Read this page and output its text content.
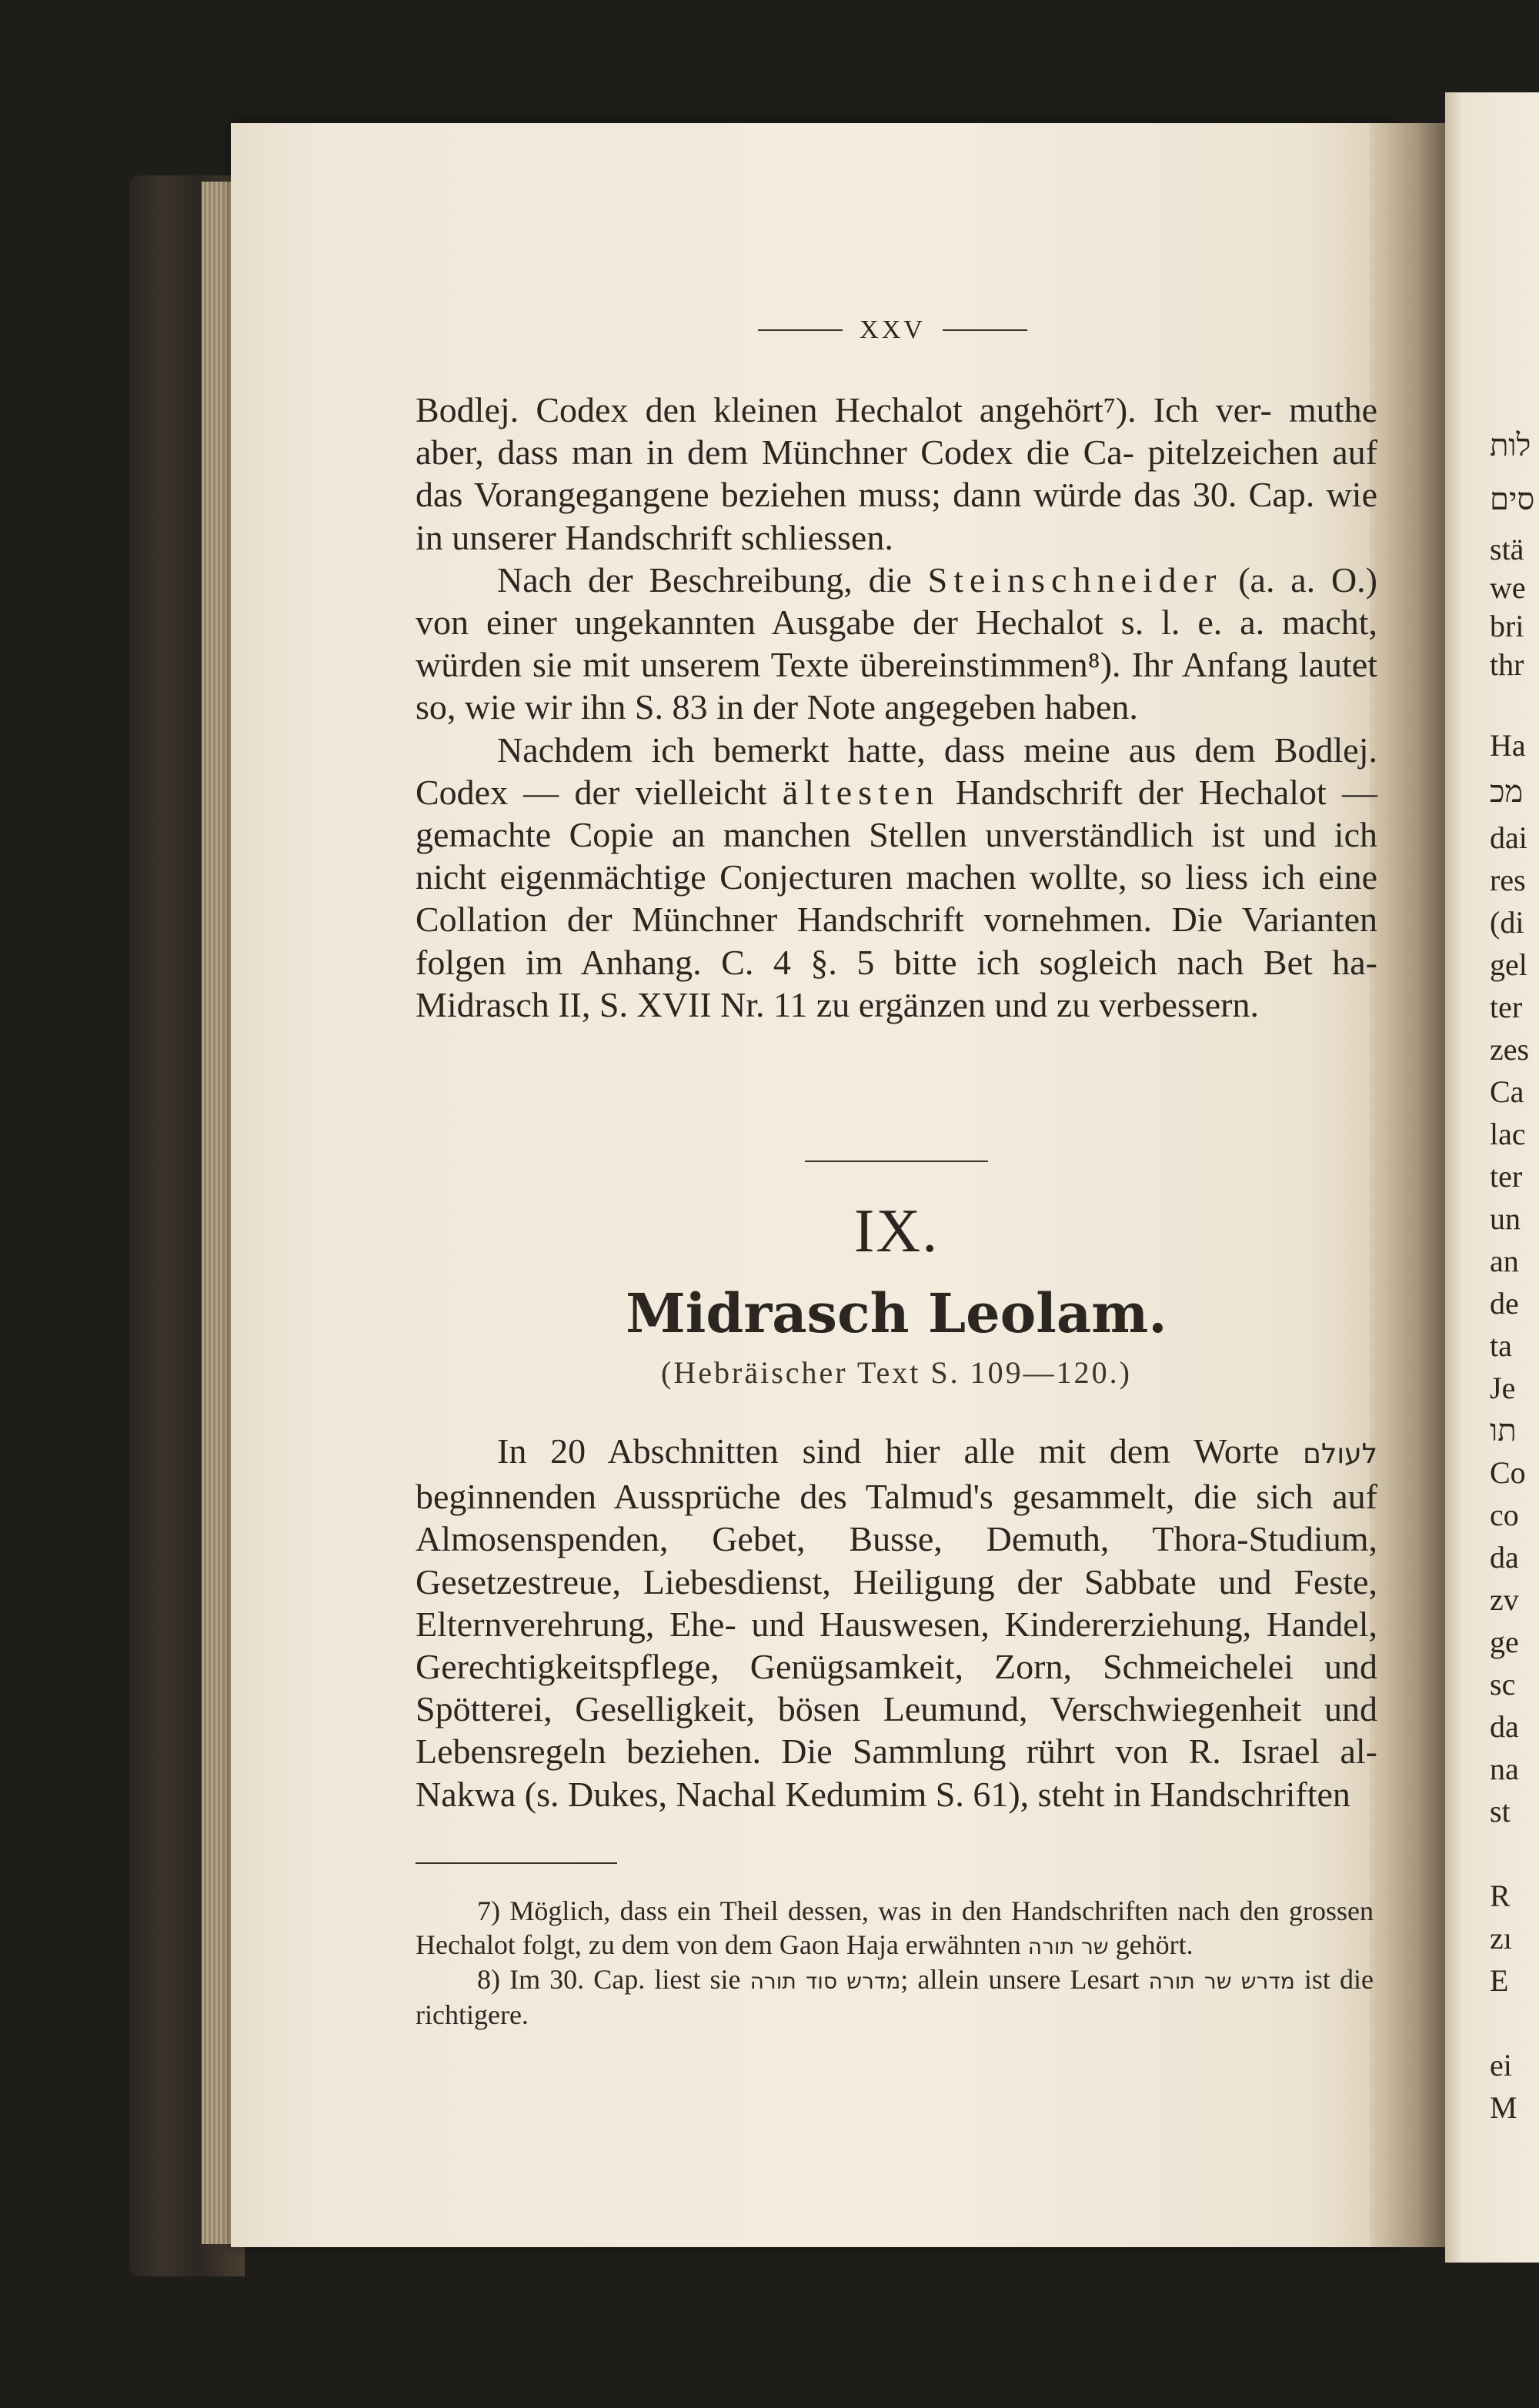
לות
סים
stä
we
bri
thr
Ha
מכ
dai
res
(di
gel
ter
zes
Ca
lac
ter
un
an
de
ta
Je
תו
Co
co
da
zv
ge
sc
da
na
st
R
zı
E
ei
M
XXV

Bodlej. Codex den kleinen Hechalot angehört⁷). Ich ver- muthe aber, dass man in dem Münchner Codex die Ca- pitelzeichen auf das Vorangegangene beziehen muss; dann würde das 30. Cap. wie in unserer Handschrift schliessen.

Nach der Beschreibung, die Steinschneider (a. a. O.) von einer ungekannten Ausgabe der Hechalot s. l. e. a. macht, würden sie mit unserem Texte übereinstimmen⁸). Ihr Anfang lautet so, wie wir ihn S. 83 in der Note angegeben haben.

Nachdem ich bemerkt hatte, dass meine aus dem Bodlej. Codex — der vielleicht ältesten Handschrift der Hechalot — gemachte Copie an manchen Stellen unverständlich ist und ich nicht eigenmächtige Conjecturen machen wollte, so liess ich eine Collation der Münchner Handschrift vornehmen. Die Varianten folgen im Anhang. C. 4 §. 5 bitte ich sogleich nach Bet ha-Midrasch II, S. XVII Nr. 11 zu ergänzen und zu verbessern.

IX.
Midrasch Leolam.
(Hebräischer Text S. 109—120.)

In 20 Abschnitten sind hier alle mit dem Worte לעולם beginnenden Aussprüche des Talmud's gesammelt, die sich auf Almosenspenden, Gebet, Busse, Demuth, Thora-Studium, Gesetzestreue, Liebesdienst, Heiligung der Sabbate und Feste, Elternverehrung, Ehe- und Hauswesen, Kindererziehung, Handel, Gerechtigkeitspflege, Genügsamkeit, Zorn, Schmeichelei und Spötterei, Geselligkeit, bösen Leumund, Verschwiegenheit und Lebensregeln beziehen. Die Sammlung rührt von R. Israel al-Nakwa (s. Dukes, Nachal Kedumim S. 61), steht in Handschriften

7) Möglich, dass ein Theil dessen, was in den Handschriften nach den grossen Hechalot folgt, zu dem von dem Gaon Haja erwähnten שר תורה gehört.

8) Im 30. Cap. liest sie מדרש סוד תורה; allein unsere Lesart מדרש שר תורה ist die richtigere.
